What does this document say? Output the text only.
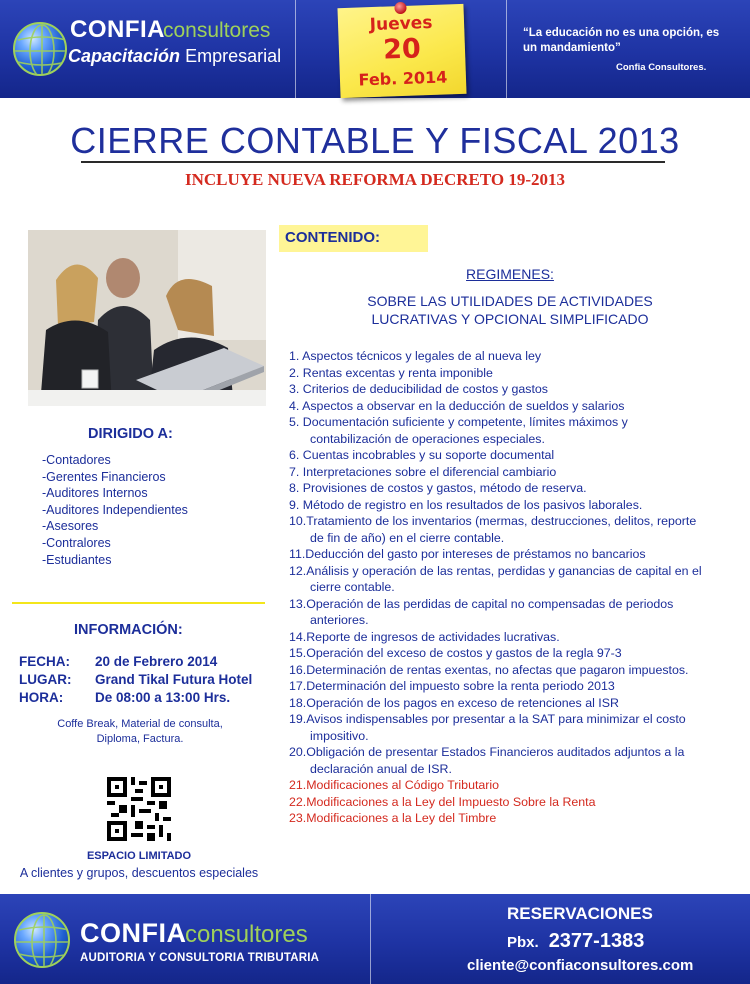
CONFIA
consultores
Capacitación Empresarial
Jueves
20
Feb. 2014
“La educación no es una opción, es un mandamiento”
Confia Consultores.
CIERRE CONTABLE Y FISCAL 2013
INCLUYE NUEVA REFORMA DECRETO 19-2013
DIRIGIDO A:
-Contadores
-Gerentes Financieros
-Auditores Internos
-Auditores Independientes
-Asesores
-Contralores
-Estudiantes
INFORMACIÓN:
FECHA: 20 de Febrero 2014
LUGAR: Grand Tikal Futura Hotel
HORA: De 08:00 a 13:00 Hrs.
Coffe Break, Material de consulta,
Diploma, Factura.
ESPACIO LIMITADO
A clientes y grupos, descuentos especiales
CONTENIDO:
REGIMENES:
SOBRE LAS UTILIDADES DE ACTIVIDADES
LUCRATIVAS Y OPCIONAL SIMPLIFICADO
1. Aspectos técnicos y legales de al nueva ley
2. Rentas excentas y renta imponible
3. Criterios de deducibilidad de costos y gastos
4. Aspectos a observar en la deducción de sueldos y salarios
5. Documentación suficiente y competente, límites máximos y contabilización de operaciones especiales.
6. Cuentas incobrables y su soporte documental
7. Interpretaciones sobre el diferencial cambiario
8. Provisiones de costos y gastos, método de reserva.
9. Método de registro en los resultados de los pasivos laborales.
10.Tratamiento de los inventarios (mermas, destrucciones, delitos, reporte de fin de año) en el cierre contable.
11.Deducción del gasto por intereses de préstamos no bancarios
12.Análisis y operación de las rentas, perdidas y ganancias de capital en el cierre contable.
13.Operación de las perdidas de capital no compensadas de periodos anteriores.
14.Reporte de ingresos de actividades lucrativas.
15.Operación del exceso de costos y gastos de la regla 97-3
16.Determinación de rentas exentas, no afectas que pagaron impuestos.
17.Determinación del impuesto sobre la renta periodo 2013
18.Operación de los pagos en exceso de retenciones al ISR
19.Avisos indispensables por presentar a la SAT para minimizar el costo impositivo.
20.Obligación de presentar Estados Financieros auditados adjuntos a la declaración anual de ISR.
21.Modificaciones al Código Tributario
22.Modificaciones a la Ley del Impuesto Sobre la Renta
23.Modificaciones a la Ley del Timbre
CONFIA
consultores
AUDITORIA Y CONSULTORIA TRIBUTARIA
RESERVACIONES
Pbx. 2377-1383
cliente@confiaconsultores.com
